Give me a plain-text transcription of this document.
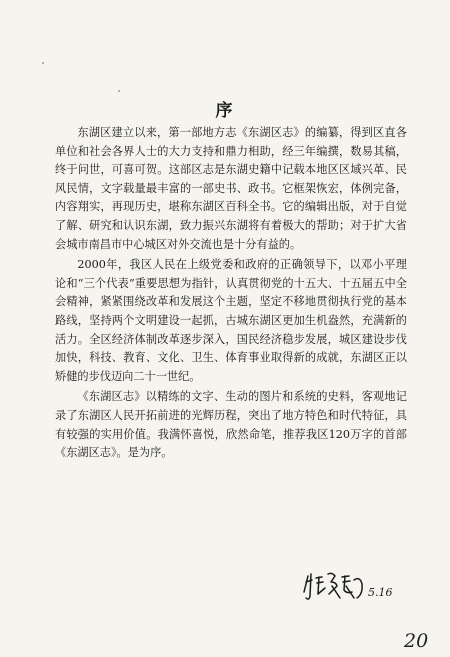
序

东湖区建立以来，第一部地方志《东湖区志》的编纂，得到区直各单位和社会各界人士的大力支持和鼎力相助，经三年编撰，数易其稿，终于问世，可喜可贺。这部区志是东湖史籍中记载本地区区域兴革、民风民情，文字载量最丰富的一部史书、政书。它框架恢宏，体例完备，内容翔实，再现历史，堪称东湖区百科全书。它的编辑出版，对于自觉了解、研究和认识东湖，致力振兴东湖将有着极大的帮助；对于扩大省会城市南昌市中心城区对外交流也是十分有益的。

2000年，我区人民在上级党委和政府的正确领导下，以邓小平理论和“三个代表”重要思想为指针，认真贯彻党的十五大、十五届五中全会精神，紧紧围绕改革和发展这个主题，坚定不移地贯彻执行党的基本路线，坚持两个文明建设一起抓，古城东湖区更加生机盎然，充满新的活力。全区经济体制改革逐步深入，国民经济稳步发展，城区建设步伐加快，科技、教育、文化、卫生、体育事业取得新的成就，东湖区正以矫健的步伐迈向二十一世纪。

《东湖区志》以精练的文字、生动的图片和系统的史料，客观地记录了东湖区人民开拓前进的光辉历程，突出了地方特色和时代特征，具有较强的实用价值。我满怀喜悦，欣然命笔，推荐我区120万字的首部《东湖区志》。是为序。

5.16
20
